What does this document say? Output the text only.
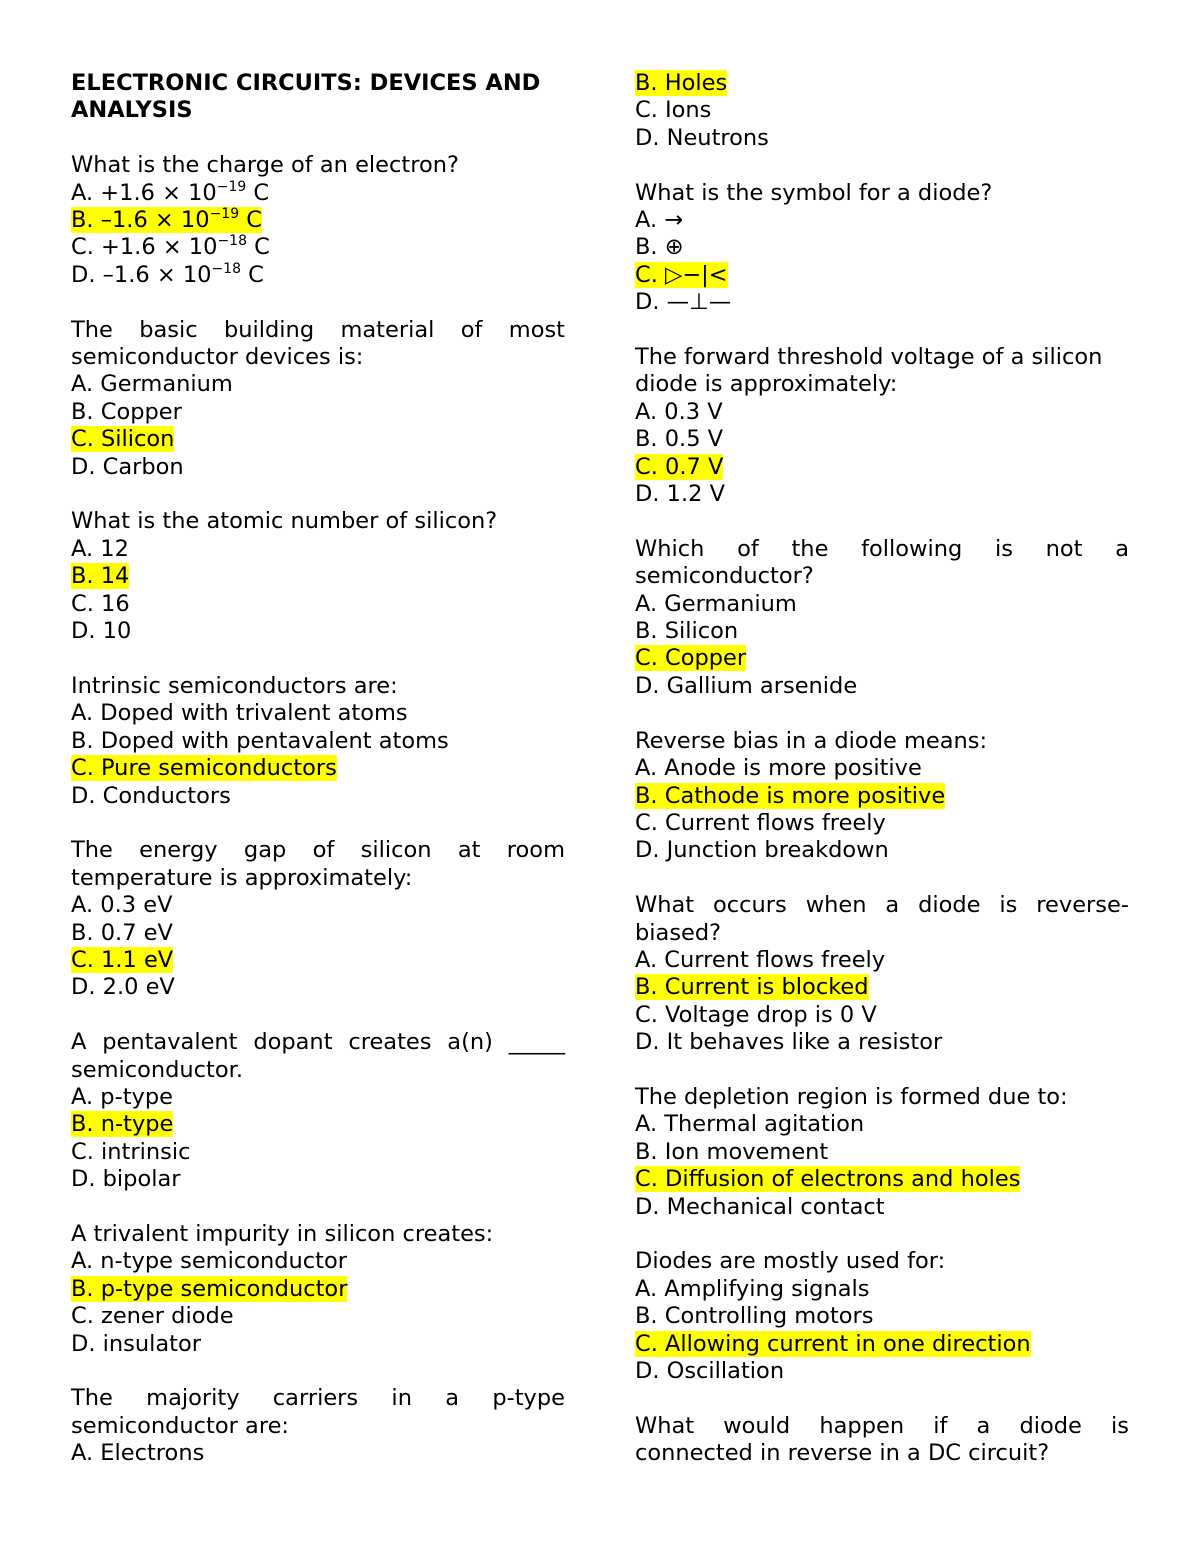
ELECTRONIC CIRCUITS: DEVICES AND
ANALYSIS
What is the charge of an electron?
A. $+1.6 \times 10^{-19}$ C
B. $-1.6 \times 10^{-19}$ C
C. $+1.6 \times 10^{-18}$ C
D. $-1.6 \times 10^{-18}$ C
The basic building material of most
semiconductor devices is:
A. Germanium
B. Copper
C. Silicon
D. Carbon
What is the atomic number of silicon?
A. 12
B. 14
C. 16
D. 10
Intrinsic semiconductors are:
A. Doped with trivalent atoms
B. Doped with pentavalent atoms
C. Pure semiconductors
D. Conductors
The energy gap of silicon at room
temperature is approximately:
A. 0.3 eV
B. 0.7 eV
C. 1.1 eV
D. 2.0 eV
A pentavalent dopant creates a(n) _____
semiconductor.
A. p-type
B. n-type
C. intrinsic
D. bipolar
A trivalent impurity in silicon creates:
A. n-type semiconductor
B. p-type semiconductor
C. zener diode
D. insulator
The majority carriers in a p-type
semiconductor are:
A. Electrons
B. Holes
C. Ions
D. Neutrons
What is the symbol for a diode?
A. →
B. ⊕
C. ▷−|<
D. —⊥—
The forward threshold voltage of a silicon
diode is approximately:
A. 0.3 V
B. 0.5 V
C. 0.7 V
D. 1.2 V
Which of the following is not a
semiconductor?
A. Germanium
B. Silicon
C. Copper
D. Gallium arsenide
Reverse bias in a diode means:
A. Anode is more positive
B. Cathode is more positive
C. Current flows freely
D. Junction breakdown
What occurs when a diode is reverse-
biased?
A. Current flows freely
B. Current is blocked
C. Voltage drop is 0 V
D. It behaves like a resistor
The depletion region is formed due to:
A. Thermal agitation
B. Ion movement
C. Diffusion of electrons and holes
D. Mechanical contact
Diodes are mostly used for:
A. Amplifying signals
B. Controlling motors
C. Allowing current in one direction
D. Oscillation
What would happen if a diode is
connected in reverse in a DC circuit?
